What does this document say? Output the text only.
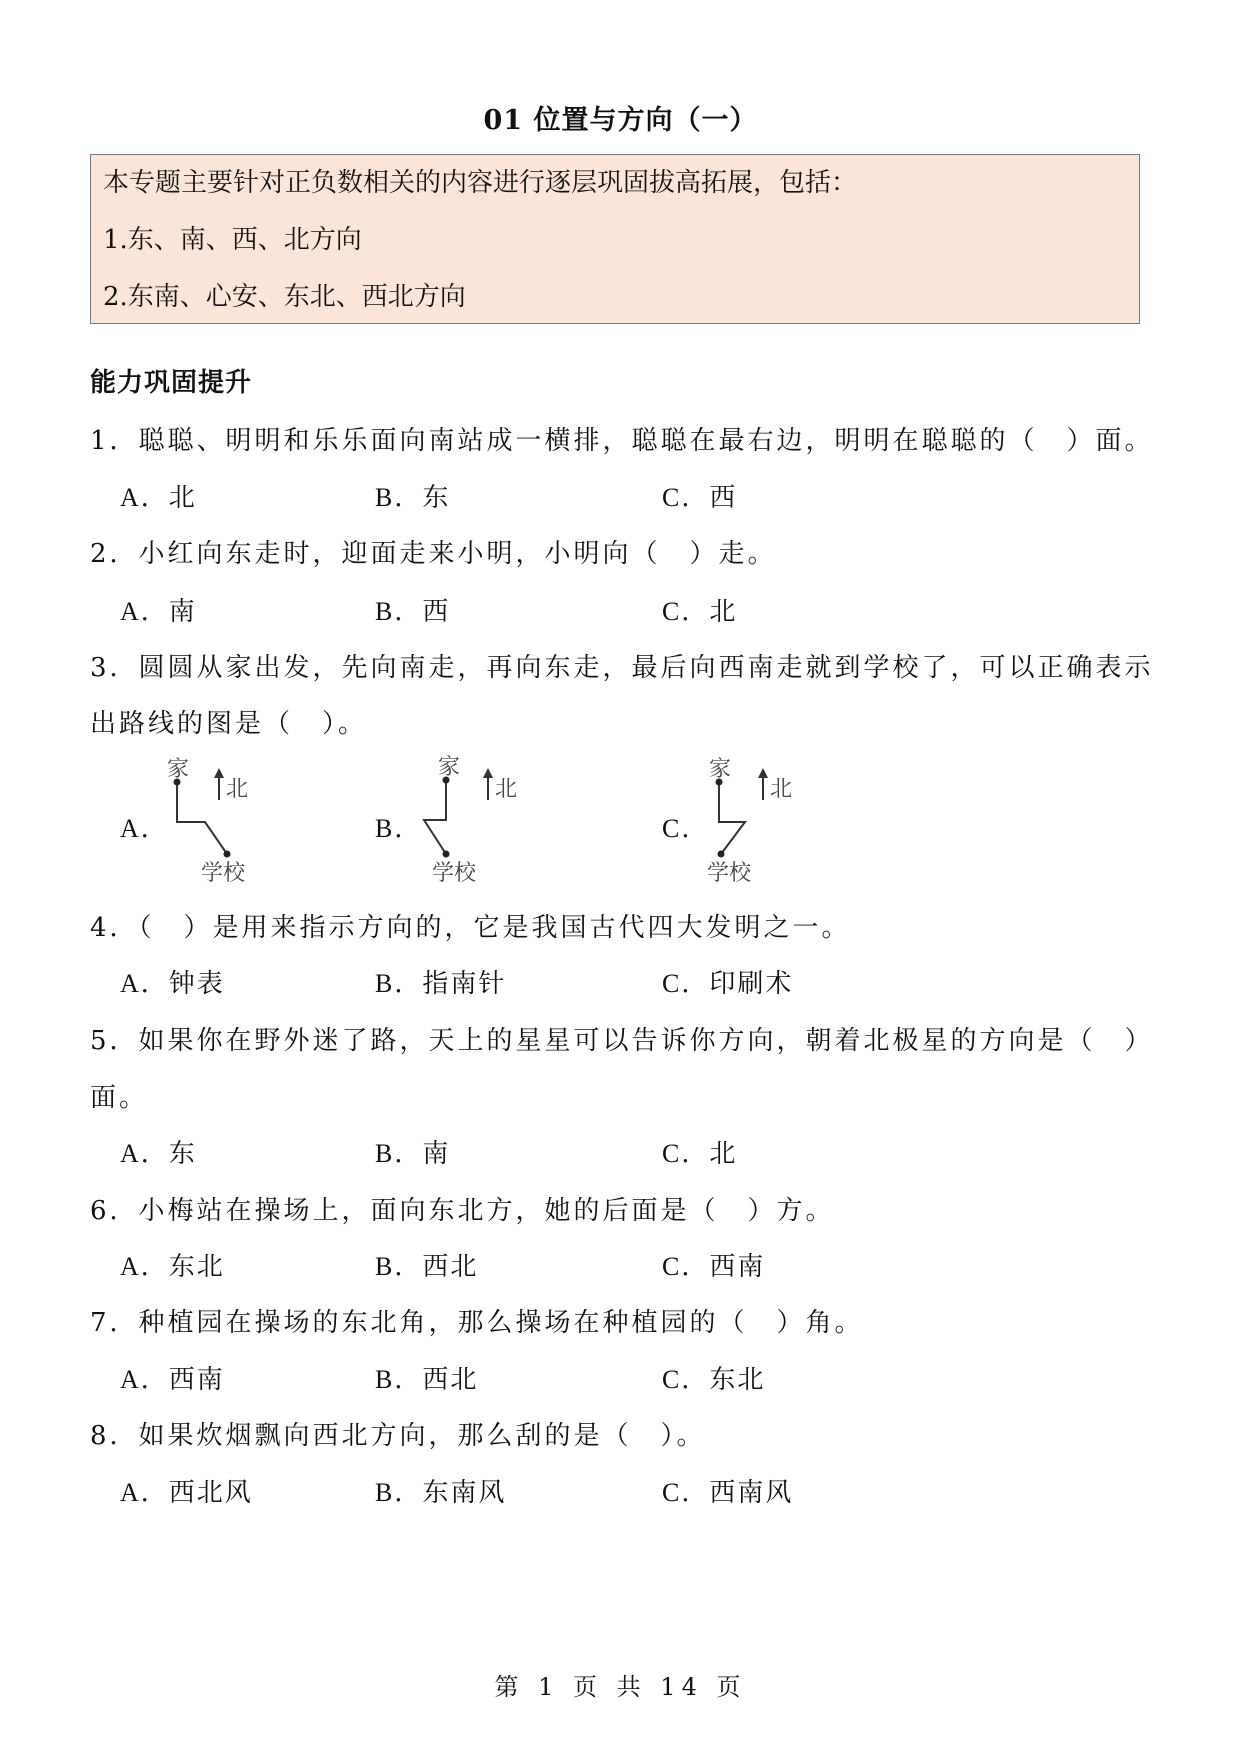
01 位置与方向（一）
本专题主要针对正负数相关的内容进行逐层巩固拔高拓展，包括：
1.东、南、西、北方向
2.东南、心安、东北、西北方向
能力巩固提升
1．聪聪、明明和乐乐面向南站成一横排，聪聪在最右边，明明在聪聪的（　）面。
A．北	B．东	C．西
2．小红向东走时，迎面走来小明，小明向（　）走。
A．南	B．西	C．北
3．圆圆从家出发，先向南走，再向东走，最后向西南走就到学校了，可以正确表示
出路线的图是（　）。
A．	B．	C．
家
北
学校
家
北
学校
家
北
学校
4．（　）是用来指示方向的，它是我国古代四大发明之一。
A．钟表	B．指南针	C．印刷术
5．如果你在野外迷了路，天上的星星可以告诉你方向，朝着北极星的方向是（　）
面。
A．东	B．南	C．北
6．小梅站在操场上，面向东北方，她的后面是（　）方。
A．东北	B．西北	C．西南
7．种植园在操场的东北角，那么操场在种植园的（　）角。
A．西南	B．西北	C．东北
8．如果炊烟飘向西北方向，那么刮的是（　）。
A．西北风	B．东南风	C．西南风
第 1 页 共 14 页
